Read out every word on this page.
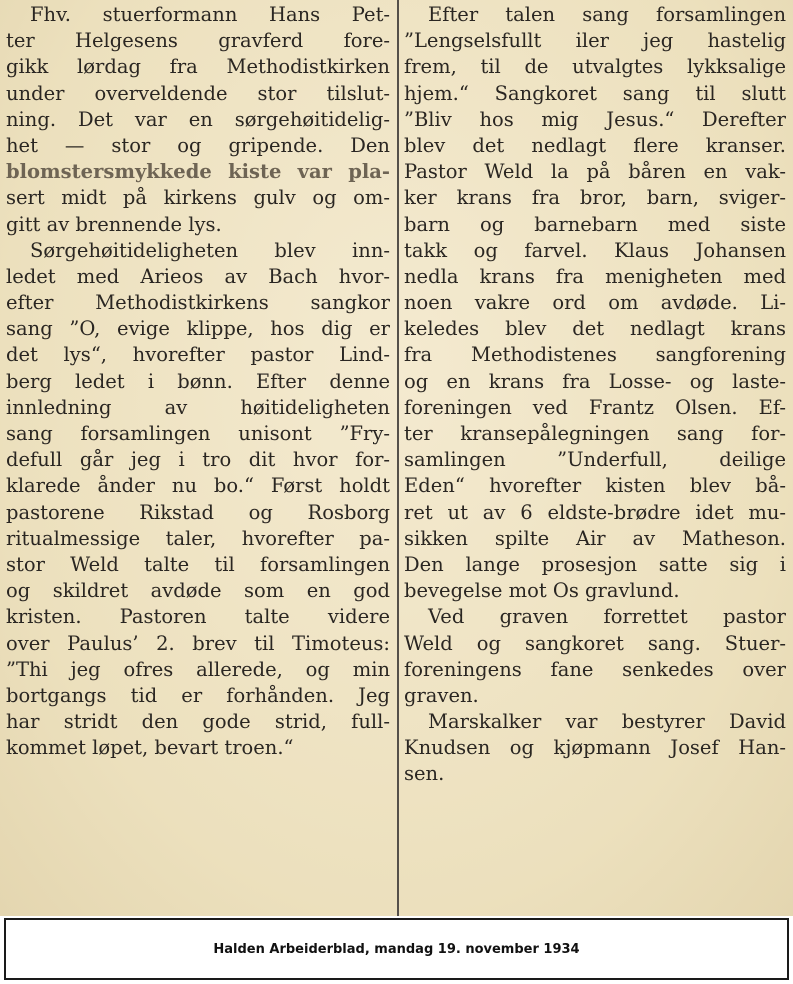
Fhv. stuerformann Hans Pet-
ter Helgesens gravferd fore-
gikk lørdag fra Methodistkirken
under overveldende stor tilslut-
ning. Det var en sørgehøitidelig-
het — stor og gripende. Den
blomstersmykkede kiste var pla-
sert midt på kirkens gulv og om-
gitt av brennende lys.
Sørgehøitideligheten blev inn-
ledet med Arieos av Bach hvor-
efter Methodistkirkens sangkor
sang ”O, evige klippe, hos dig er
det lys“, hvorefter pastor Lind-
berg ledet i bønn. Efter denne
innledning av høitideligheten
sang forsamlingen unisont ”Fry-
defull går jeg i tro dit hvor for-
klarede ånder nu bo.“ Først holdt
pastorene Rikstad og Rosborg
ritualmessige taler, hvorefter pa-
stor Weld talte til forsamlingen
og skildret avdøde som en god
kristen. Pastoren talte videre
over Paulus’ 2. brev til Timoteus:
”Thi jeg ofres allerede, og min
bortgangs tid er forhånden. Jeg
har stridt den gode strid, full-
kommet løpet, bevart troen.“
Efter talen sang forsamlingen
”Lengselsfullt iler jeg hastelig
frem, til de utvalgtes lykksalige
hjem.“ Sangkoret sang til slutt
”Bliv hos mig Jesus.“ Derefter
blev det nedlagt flere kranser.
Pastor Weld la på båren en vak-
ker krans fra bror, barn, sviger-
barn og barnebarn med siste
takk og farvel. Klaus Johansen
nedla krans fra menigheten med
noen vakre ord om avdøde. Li-
keledes blev det nedlagt krans
fra Methodistenes sangforening
og en krans fra Losse- og laste-
foreningen ved Frantz Olsen. Ef-
ter kransepålegningen sang for-
samlingen ”Underfull, deilige
Eden“ hvorefter kisten blev bå-
ret ut av 6 eldste-brødre idet mu-
sikken spilte Air av Matheson.
Den lange prosesjon satte sig i
bevegelse mot Os gravlund.
Ved graven forrettet pastor
Weld og sangkoret sang. Stuer-
foreningens fane senkedes over
graven.
Marskalker var bestyrer David
Knudsen og kjøpmann Josef Han-
sen.
Halden Arbeiderblad, mandag 19. november 1934
